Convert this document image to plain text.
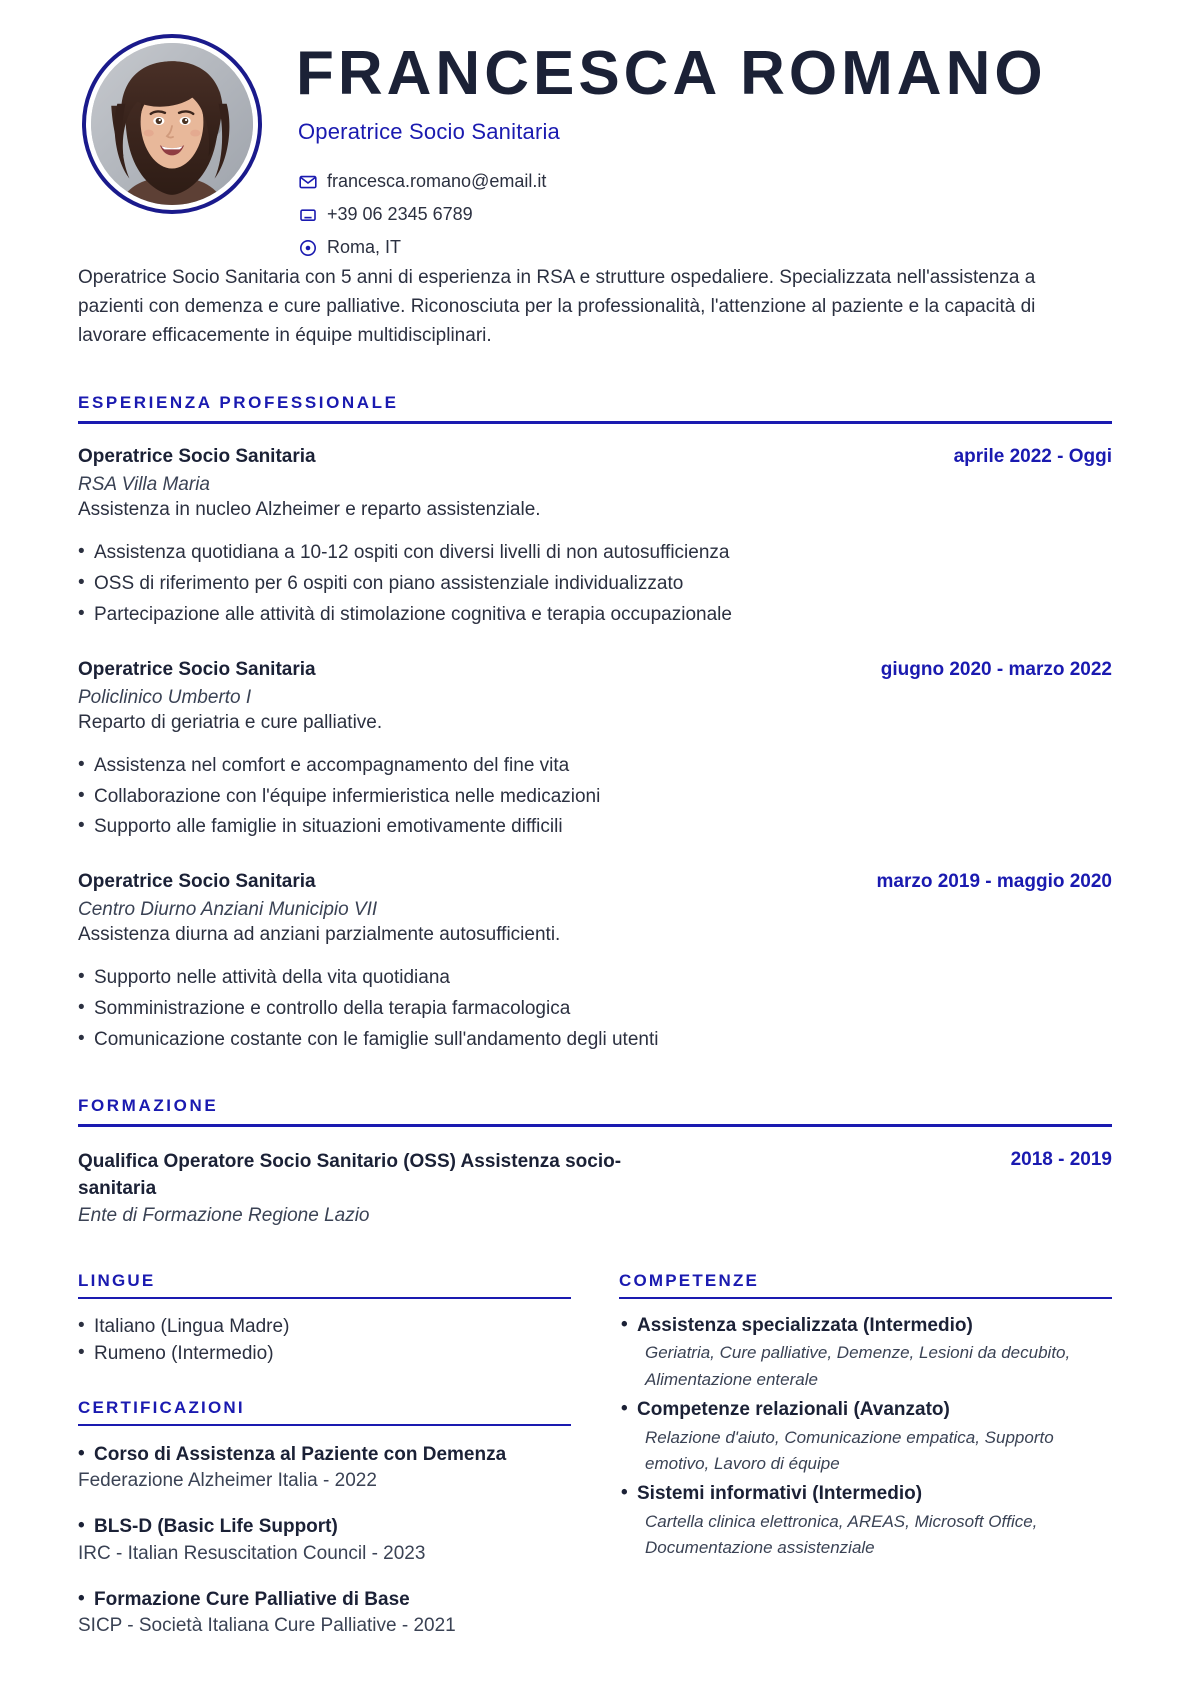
FRANCESCA ROMANO
Operatrice Socio Sanitaria
francesca.romano@email.it
+39 06 2345 6789
Roma, IT

Operatrice Socio Sanitaria con 5 anni di esperienza in RSA e strutture ospedaliere. Specializzata nell'assistenza a pazienti con demenza e cure palliative. Riconosciuta per la professionalità, l'attenzione al paziente e la capacità di lavorare efficacemente in équipe multidisciplinari.

ESPERIENZA PROFESSIONALE
Operatrice Socio Sanitaria	aprile 2022 - Oggi
RSA Villa Maria
Assistenza in nucleo Alzheimer e reparto assistenziale.
• Assistenza quotidiana a 10-12 ospiti con diversi livelli di non autosufficienza
• OSS di riferimento per 6 ospiti con piano assistenziale individualizzato
• Partecipazione alle attività di stimolazione cognitiva e terapia occupazionale
Operatrice Socio Sanitaria	giugno 2020 - marzo 2022
Policlinico Umberto I
Reparto di geriatria e cure palliative.
• Assistenza nel comfort e accompagnamento del fine vita
• Collaborazione con l'équipe infermieristica nelle medicazioni
• Supporto alle famiglie in situazioni emotivamente difficili
Operatrice Socio Sanitaria	marzo 2019 - maggio 2020
Centro Diurno Anziani Municipio VII
Assistenza diurna ad anziani parzialmente autosufficienti.
• Supporto nelle attività della vita quotidiana
• Somministrazione e controllo della terapia farmacologica
• Comunicazione costante con le famiglie sull'andamento degli utenti
FORMAZIONE
Qualifica Operatore Socio Sanitario (OSS) Assistenza socio-sanitaria
2018 - 2019
Ente di Formazione Regione Lazio
LINGUE
• Italiano (Lingua Madre)
• Rumeno (Intermedio)
CERTIFICAZIONI
• Corso di Assistenza al Paziente con Demenza
Federazione Alzheimer Italia - 2022
• BLS-D (Basic Life Support)
IRC - Italian Resuscitation Council - 2023
• Formazione Cure Palliative di Base
SICP - Società Italiana Cure Palliative - 2021
COMPETENZE
• Assistenza specializzata (Intermedio)
Geriatria, Cure palliative, Demenze, Lesioni da decubito, Alimentazione enterale
• Competenze relazionali (Avanzato)
Relazione d'aiuto, Comunicazione empatica, Supporto emotivo, Lavoro di équipe
• Sistemi informativi (Intermedio)
Cartella clinica elettronica, AREAS, Microsoft Office, Documentazione assistenziale
